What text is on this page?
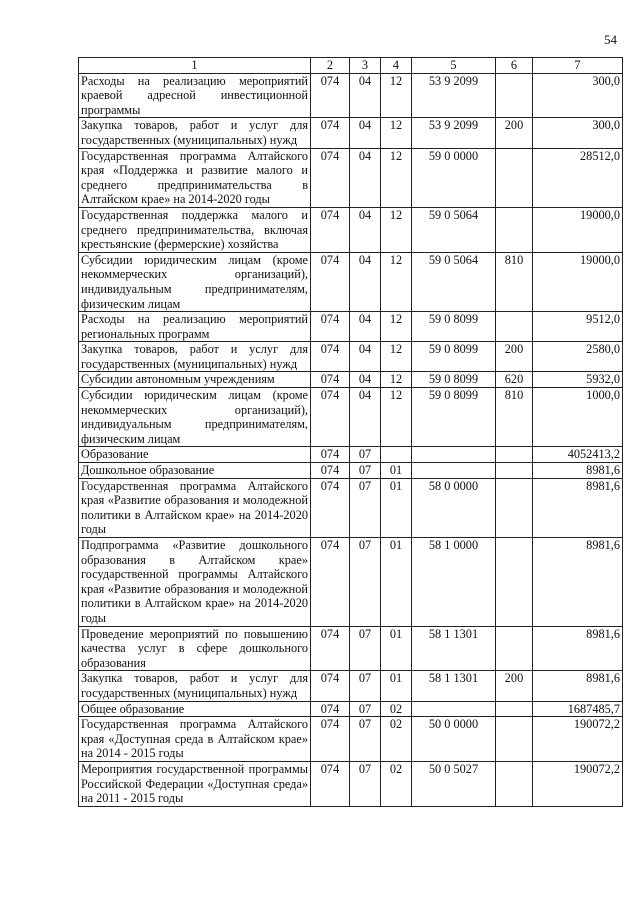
54
1	2	3	4	5	6	7
Расходы на реализацию мероприятий краевой адресной инвестиционной программы	074	04	12	53 9 2099		300,0
Закупка товаров, работ и услуг для государственных (муниципальных) нужд	074	04	12	53 9 2099	200	300,0
Государственная программа Алтайского края «Поддержка и развитие малого и среднего предпринимательства в Алтайском крае» на 2014-2020 годы	074	04	12	59 0 0000		28512,0
Государственная поддержка малого и среднего предпринимательства, включая крестьянские (фермерские) хозяйства	074	04	12	59 0 5064		19000,0
Субсидии юридическим лицам (кроме некоммерческих организаций), индивидуальным предпринимателям, физическим лицам	074	04	12	59 0 5064	810	19000,0
Расходы на реализацию мероприятий региональных программ	074	04	12	59 0 8099		9512,0
Закупка товаров, работ и услуг для государственных (муниципальных) нужд	074	04	12	59 0 8099	200	2580,0
Субсидии автономным учреждениям	074	04	12	59 0 8099	620	5932,0
Субсидии юридическим лицам (кроме некоммерческих организаций), индивидуальным предпринимателям, физическим лицам	074	04	12	59 0 8099	810	1000,0
Образование	074	07				4052413,2
Дошкольное образование	074	07	01			8981,6
Государственная программа Алтайского края «Развитие образования и молодежной политики в Алтайском крае» на 2014-2020 годы	074	07	01	58 0 0000		8981,6
Подпрограмма «Развитие дошкольного образования в Алтайском крае» государственной программы Алтайского края «Развитие образования и молодежной политики в Алтайском крае» на 2014-2020 годы	074	07	01	58 1 0000		8981,6
Проведение мероприятий по повышению качества услуг в сфере дошкольного образования	074	07	01	58 1 1301		8981,6
Закупка товаров, работ и услуг для государственных (муниципальных) нужд	074	07	01	58 1 1301	200	8981,6
Общее образование	074	07	02			1687485,7
Государственная программа Алтайского края «Доступная среда в Алтайском крае» на 2014 - 2015 годы	074	07	02	50 0 0000		190072,2
Мероприятия государственной программы Российской Федерации «Доступная среда» на 2011 - 2015 годы	074	07	02	50 0 5027		190072,2
